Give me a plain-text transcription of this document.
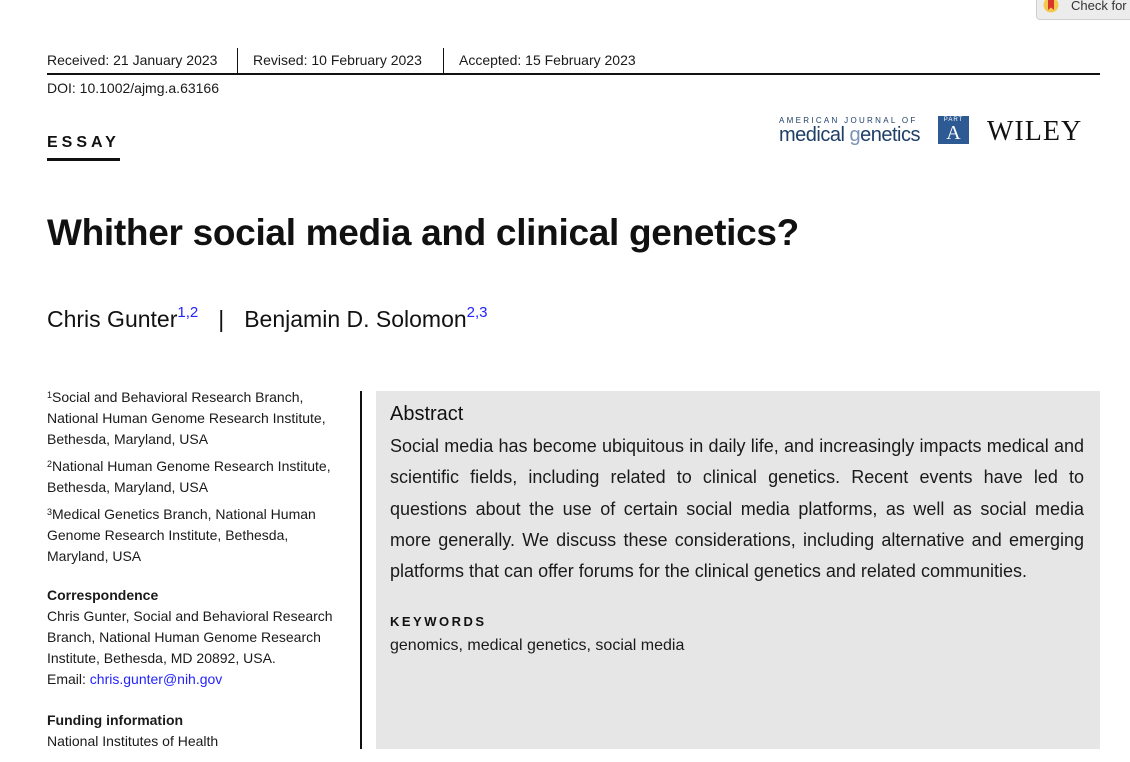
Check for
Received: 21 January 2023	Revised: 10 February 2023	Accepted: 15 February 2023
DOI: 10.1002/ajmg.a.63166
ESSAY
AMERICAN JOURNAL OF
medical genetics
PART
A WILEY
Whither social media and clinical genetics?
Chris Gunter$^{1,2}$ | Benjamin D. Solomon$^{2,3}$
$^1$Social and Behavioral Research Branch, National Human Genome Research Institute, Bethesda, Maryland, USA
$^2$National Human Genome Research Institute, Bethesda, Maryland, USA
$^3$Medical Genetics Branch, National Human Genome Research Institute, Bethesda, Maryland, USA
Correspondence
Chris Gunter, Social and Behavioral Research Branch, National Human Genome Research Institute, Bethesda, MD 20892, USA.
Email: chris.gunter@nih.gov
Funding information
National Institutes of Health
Abstract

Social media has become ubiquitous in daily life, and increasingly impacts medical and scientific fields, including related to clinical genetics. Recent events have led to questions about the use of certain social media platforms, as well as social media more generally. We discuss these considerations, including alternative and emerging platforms that can offer forums for the clinical genetics and related communities.

KEYWORDS
genomics, medical genetics, social media
